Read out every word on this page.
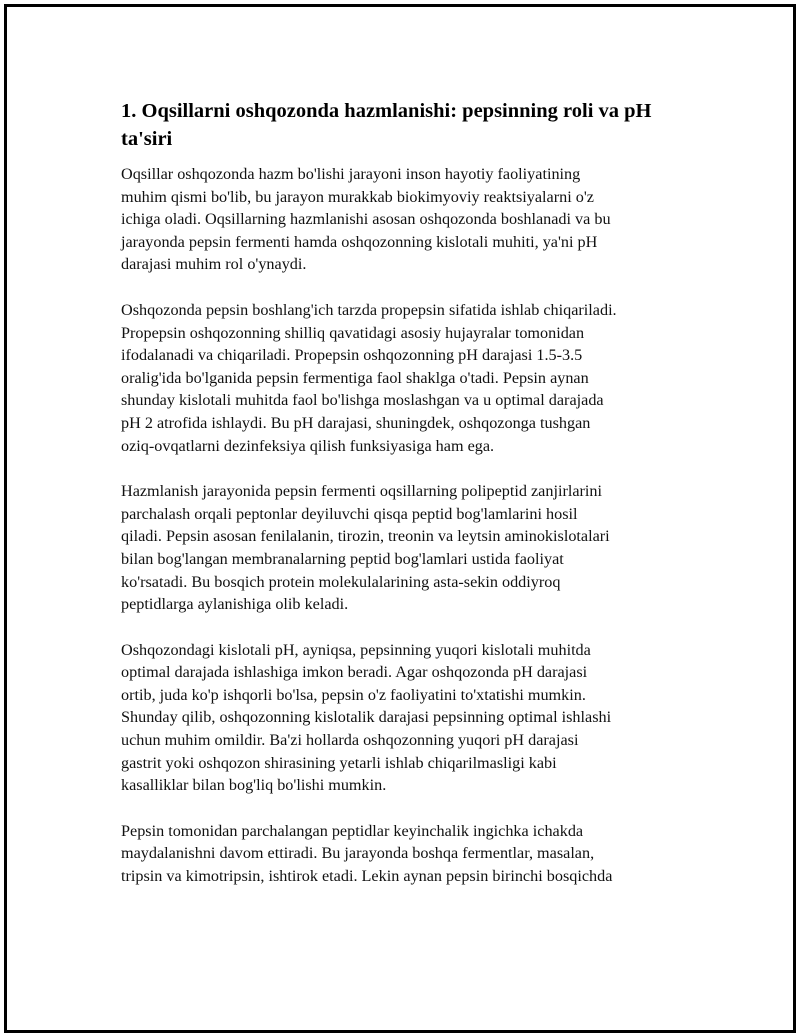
1. Oqsillarni oshqozonda hazmlanishi: pepsinning roli va pH
ta'siri

Oqsillar oshqozonda hazm bo'lishi jarayoni inson hayotiy faoliyatining
muhim qismi bo'lib, bu jarayon murakkab biokimyoviy reaktsiyalarni o'z
ichiga oladi. Oqsillarning hazmlanishi asosan oshqozonda boshlanadi va bu
jarayonda pepsin fermenti hamda oshqozonning kislotali muhiti, ya'ni pH
darajasi muhim rol o'ynaydi.

Oshqozonda pepsin boshlang'ich tarzda propepsin sifatida ishlab chiqariladi.
Propepsin oshqozonning shilliq qavatidagi asosiy hujayralar tomonidan
ifodalanadi va chiqariladi. Propepsin oshqozonning pH darajasi 1.5-3.5
oralig'ida bo'lganida pepsin fermentiga faol shaklga o'tadi. Pepsin aynan
shunday kislotali muhitda faol bo'lishga moslashgan va u optimal darajada
pH 2 atrofida ishlaydi. Bu pH darajasi, shuningdek, oshqozonga tushgan
oziq-ovqatlarni dezinfeksiya qilish funksiyasiga ham ega.

Hazmlanish jarayonida pepsin fermenti oqsillarning polipeptid zanjirlarini
parchalash orqali peptonlar deyiluvchi qisqa peptid bog'lamlarini hosil
qiladi. Pepsin asosan fenilalanin, tirozin, treonin va leytsin aminokislotalari
bilan bog'langan membranalarning peptid bog'lamlari ustida faoliyat
ko'rsatadi. Bu bosqich protein molekulalarining asta-sekin oddiyroq
peptidlarga aylanishiga olib keladi.

Oshqozondagi kislotali pH, ayniqsa, pepsinning yuqori kislotali muhitda
optimal darajada ishlashiga imkon beradi. Agar oshqozonda pH darajasi
ortib, juda ko'p ishqorli bo'lsa, pepsin o'z faoliyatini to'xtatishi mumkin.
Shunday qilib, oshqozonning kislotalik darajasi pepsinning optimal ishlashi
uchun muhim omildir. Ba'zi hollarda oshqozonning yuqori pH darajasi
gastrit yoki oshqozon shirasining yetarli ishlab chiqarilmasligi kabi
kasalliklar bilan bog'liq bo'lishi mumkin.

Pepsin tomonidan parchalangan peptidlar keyinchalik ingichka ichakda
maydalanishni davom ettiradi. Bu jarayonda boshqa fermentlar, masalan,
tripsin va kimotripsin, ishtirok etadi. Lekin aynan pepsin birinchi bosqichda
